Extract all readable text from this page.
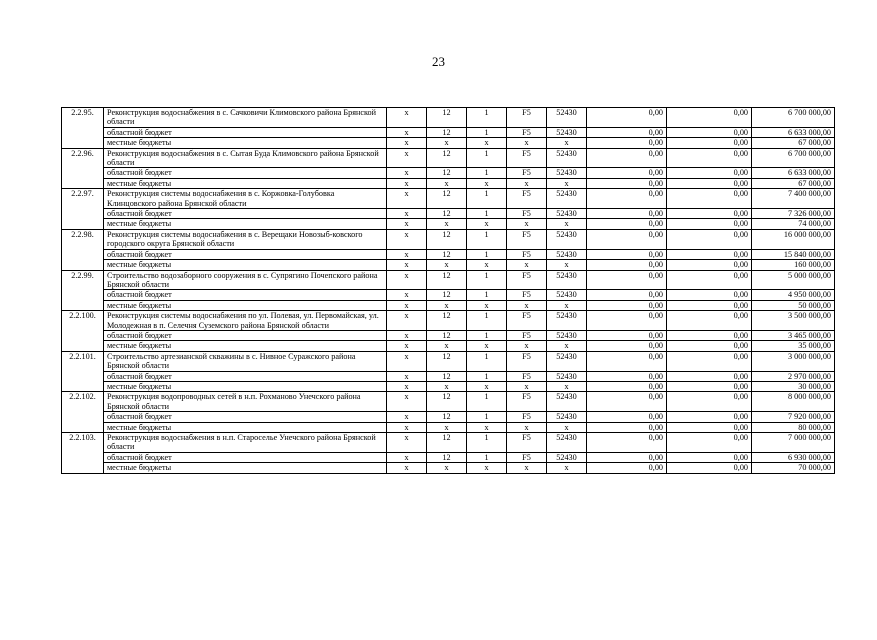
23
2.2.95.	Реконструкция водоснабжения в с. Сачковичи Климовского района Брянской области	x	12	1	F5	52430	0,00	0,00	6 700 000,00
	областной бюджет	x	12	1	F5	52430	0,00	0,00	6 633 000,00
	местные бюджеты	x	x	x	x	x	0,00	0,00	67 000,00
2.2.96.	Реконструкция водоснабжения в с. Сытая Буда Климовского района Брянской области	x	12	1	F5	52430	0,00	0,00	6 700 000,00
	областной бюджет	x	12	1	F5	52430	0,00	0,00	6 633 000,00
	местные бюджеты	x	x	x	x	x	0,00	0,00	67 000,00
2.2.97.	Реконструкция системы водоснабжения в с. Коржовка-Голубовка Клинцовского района Брянской области	x	12	1	F5	52430	0,00	0,00	7 400 000,00
	областной бюджет	x	12	1	F5	52430	0,00	0,00	7 326 000,00
	местные бюджеты	x	x	x	x	x	0,00	0,00	74 000,00
2.2.98.	Реконструкция системы водоснабжения в с. Верещаки Новозыб-ковского городского округа Брянской области	x	12	1	F5	52430	0,00	0,00	16 000 000,00
	областной бюджет	x	12	1	F5	52430	0,00	0,00	15 840 000,00
	местные бюджеты	x	x	x	x	x	0,00	0,00	160 000,00
2.2.99.	Строительство водозаборного сооружения в с. Супрягино Почепского района Брянской области	x	12	1	F5	52430	0,00	0,00	5 000 000,00
	областной бюджет	x	12	1	F5	52430	0,00	0,00	4 950 000,00
	местные бюджеты	x	x	x	x	x	0,00	0,00	50 000,00
2.2.100.	Реконструкция системы водоснабжения по ул. Полевая, ул. Первомайская, ул. Молодежная в п. Селечня Суземского района Брянской области	x	12	1	F5	52430	0,00	0,00	3 500 000,00
	областной бюджет	x	12	1	F5	52430	0,00	0,00	3 465 000,00
	местные бюджеты	x	x	x	x	x	0,00	0,00	35 000,00
2.2.101.	Строительство артезианской скважины в с. Нивное Суражского района Брянской области	x	12	1	F5	52430	0,00	0,00	3 000 000,00
	областной бюджет	x	12	1	F5	52430	0,00	0,00	2 970 000,00
	местные бюджеты	x	x	x	x	x	0,00	0,00	30 000,00
2.2.102.	Реконструкция водопроводных сетей в н.п. Рохманово Унечского района Брянской области	x	12	1	F5	52430	0,00	0,00	8 000 000,00
	областной бюджет	x	12	1	F5	52430	0,00	0,00	7 920 000,00
	местные бюджеты	x	x	x	x	x	0,00	0,00	80 000,00
2.2.103.	Реконструкция водоснабжения в н.п. Староселье Унечского района Брянской области	x	12	1	F5	52430	0,00	0,00	7 000 000,00
	областной бюджет	x	12	1	F5	52430	0,00	0,00	6 930 000,00
	местные бюджеты	x	x	x	x	x	0,00	0,00	70 000,00
